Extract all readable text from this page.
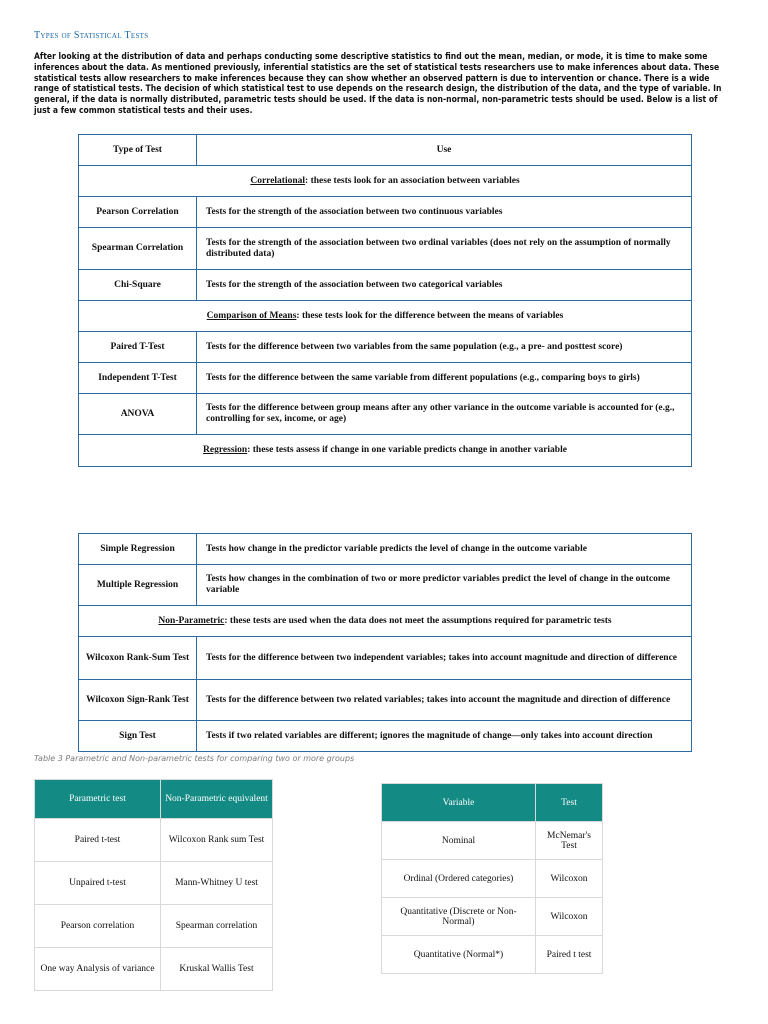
Types of Statistical Tests

After looking at the distribution of data and perhaps conducting some descriptive statistics to find out the mean, median, or mode, it is time to make some inferences about the data. As mentioned previously, inferential statistics are the set of statistical tests researchers use to make inferences about data. These statistical tests allow researchers to make inferences because they can show whether an observed pattern is due to intervention or chance. There is a wide range of statistical tests. The decision of which statistical test to use depends on the research design, the distribution of the data, and the type of variable. In general, if the data is normally distributed, parametric tests should be used. If the data is non-normal, non-parametric tests should be used. Below is a list of just a few common statistical tests and their uses.

Type of Test	Use
Correlational: these tests look for an association between variables	
Pearson Correlation	Tests for the strength of the association between two continuous variables
Spearman Correlation	Tests for the strength of the association between two ordinal variables (does not rely on the assumption of normally distributed data)
Chi-Square	Tests for the strength of the association between two categorical variables
Comparison of Means: these tests look for the difference between the means of variables	
Paired T-Test	Tests for the difference between two variables from the same population (e.g., a pre- and posttest score)
Independent T-Test	Tests for the difference between the same variable from different populations (e.g., comparing boys to girls)
ANOVA	Tests for the difference between group means after any other variance in the outcome variable is accounted for (e.g., controlling for sex, income, or age)
Regression: these tests assess if change in one variable predicts change in another variable	
Simple Regression	Tests how change in the predictor variable predicts the level of change in the outcome variable
Multiple Regression	Tests how changes in the combination of two or more predictor variables predict the level of change in the outcome variable
Non-Parametric: these tests are used when the data does not meet the assumptions required for parametric tests	
Wilcoxon Rank-Sum Test	Tests for the difference between two independent variables; takes into account magnitude and direction of difference
Wilcoxon Sign-Rank Test	Tests for the difference between two related variables; takes into account the magnitude and direction of difference
Sign Test	Tests if two related variables are different; ignores the magnitude of change—only takes into account direction

Table 3 Parametric and Non-parametric tests for comparing two or more groups

Parametric test	Non-Parametric equivalent
Paired t-test	Wilcoxon Rank sum Test
Unpaired t-test	Mann-Whitney U test
Pearson correlation	Spearman correlation
One way Analysis of variance	Kruskal Wallis Test
Variable	Test
Nominal	McNemar's Test
Ordinal (Ordered categories)	Wilcoxon
Quantitative (Discrete or Non-Normal)	Wilcoxon
Quantitative (Normal*)	Paired t test
